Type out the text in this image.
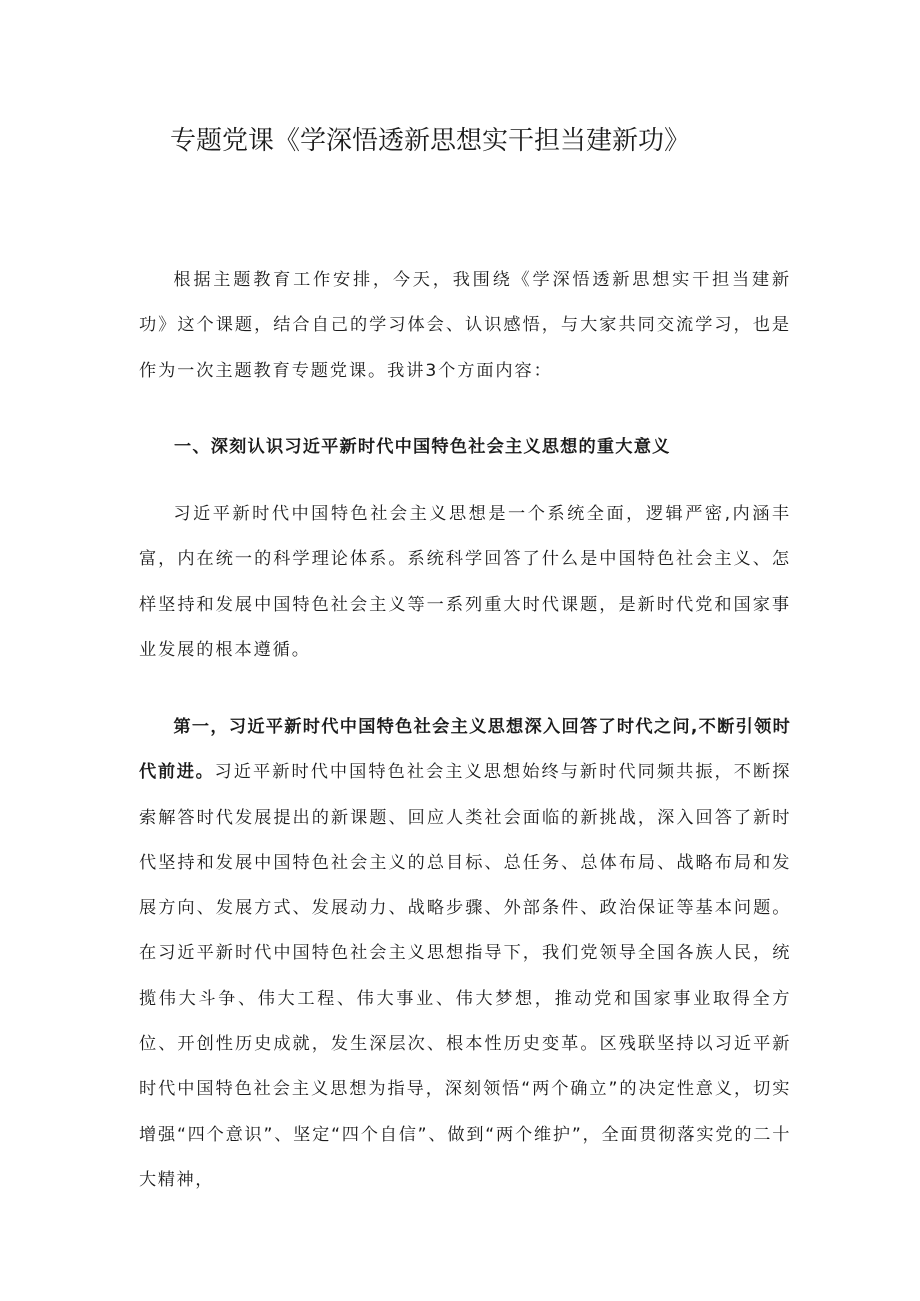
专题党课《学深悟透新思想实干担当建新功》

根据主题教育工作安排，今天，我围绕《学深悟透新思想实干担当建新功》这个课题，结合自己的学习体会、认识感悟，与大家共同交流学习，也是作为一次主题教育专题党课。我讲3个方面内容：

一、深刻认识习近平新时代中国特色社会主义思想的重大意义

习近平新时代中国特色社会主义思想是一个系统全面，逻辑严密,内涵丰富，内在统一的科学理论体系。系统科学回答了什么是中国特色社会主义、怎样坚持和发展中国特色社会主义等一系列重大时代课题，是新时代党和国家事业发展的根本遵循。

第一，习近平新时代中国特色社会主义思想深入回答了时代之问,不断引领时代前进。习近平新时代中国特色社会主义思想始终与新时代同频共振，不断探索解答时代发展提出的新课题、回应人类社会面临的新挑战，深入回答了新时代坚持和发展中国特色社会主义的总目标、总任务、总体布局、战略布局和发展方向、发展方式、发展动力、战略步骤、外部条件、政治保证等基本问题。在习近平新时代中国特色社会主义思想指导下，我们党领导全国各族人民，统揽伟大斗争、伟大工程、伟大事业、伟大梦想，推动党和国家事业取得全方位、开创性历史成就，发生深层次、根本性历史变革。区残联坚持以习近平新时代中国特色社会主义思想为指导，深刻领悟“两个确立”的决定性意义，切实增强“四个意识”、坚定“四个自信”、做到“两个维护”，全面贯彻落实党的二十大精神，
